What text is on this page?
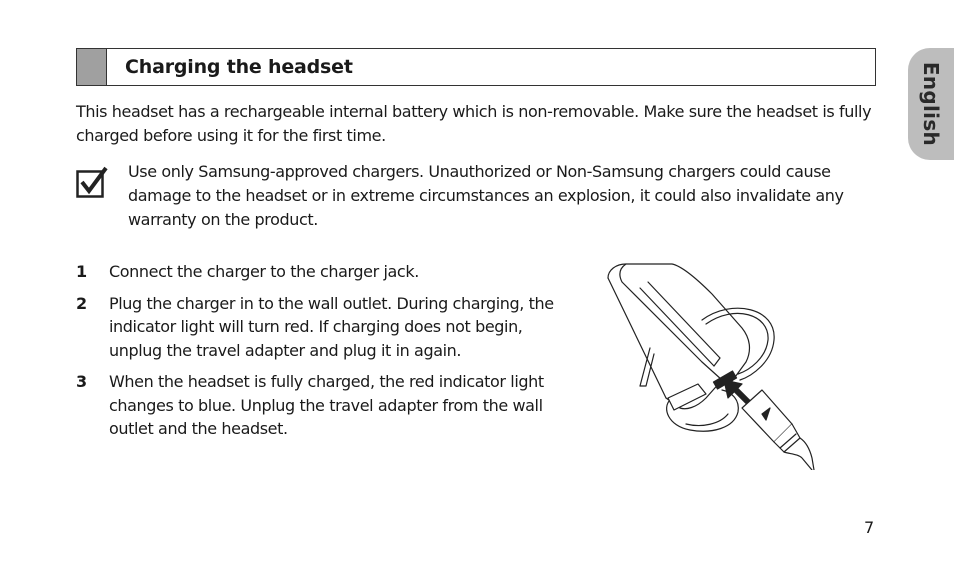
Charging the headset	English
This headset has a rechargeable internal battery which is non-removable. Make sure the headset is fully charged before using it for the first time.
Use only Samsung-approved chargers. Unauthorized or Non-Samsung chargers could cause damage to the headset or in extreme circumstances an explosion, it could also invalidate any warranty on the product.
1 Connect the charger to the charger jack.
2 Plug the charger in to the wall outlet. During charging, the indicator light will turn red. If charging does not begin, unplug the travel adapter and plug it in again.
3 When the headset is fully charged, the red indicator light changes to blue. Unplug the travel adapter from the wall outlet and the headset.
7
